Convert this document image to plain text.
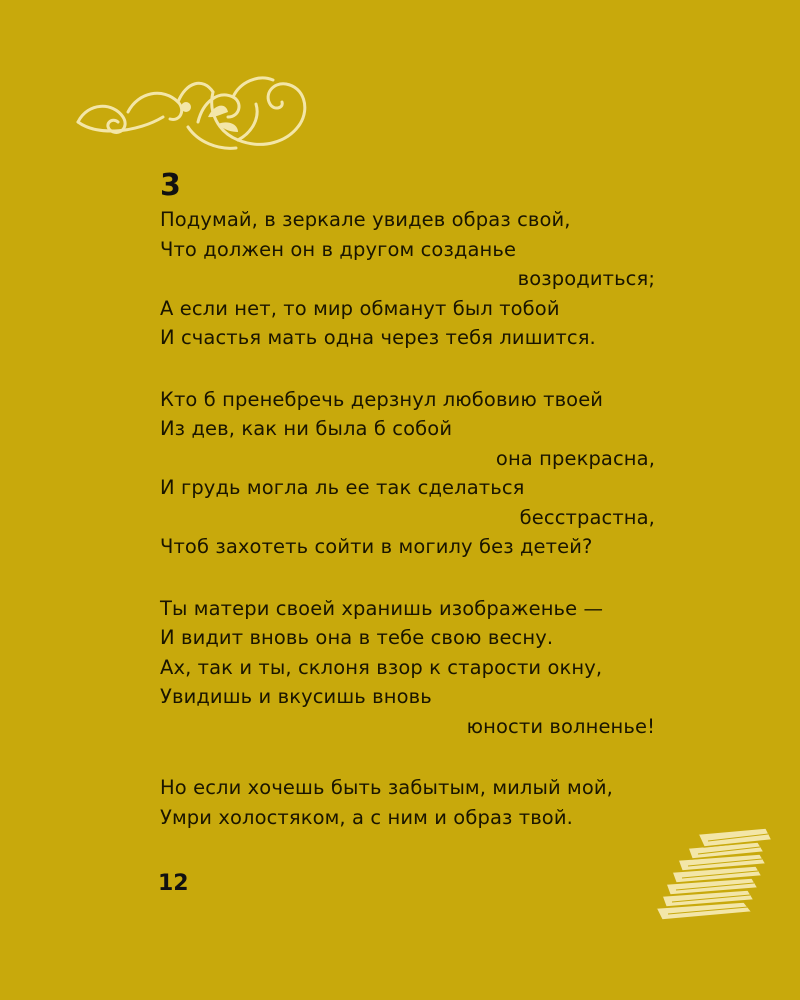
3
Подумай, в зеркале увидев образ свой,
Что должен он в другом созданье
возродиться;
А если нет, то мир обманут был тобой
И счастья мать одна через тебя лишится.
Кто б пренебречь дерзнул любовию твоей
Из дев, как ни была б собой
она прекрасна,
И грудь могла ль ее так сделаться
бесстрастна,
Чтоб захотеть сойти в могилу без детей?
Ты матери своей хранишь изображенье —
И видит вновь она в тебе свою весну.
Ах, так и ты, склоня взор к старости окну,
Увидишь и вкусишь вновь
юности волненье!
Но если хочешь быть забытым, милый мой,
Умри холостяком, а с ним и образ твой.
12
